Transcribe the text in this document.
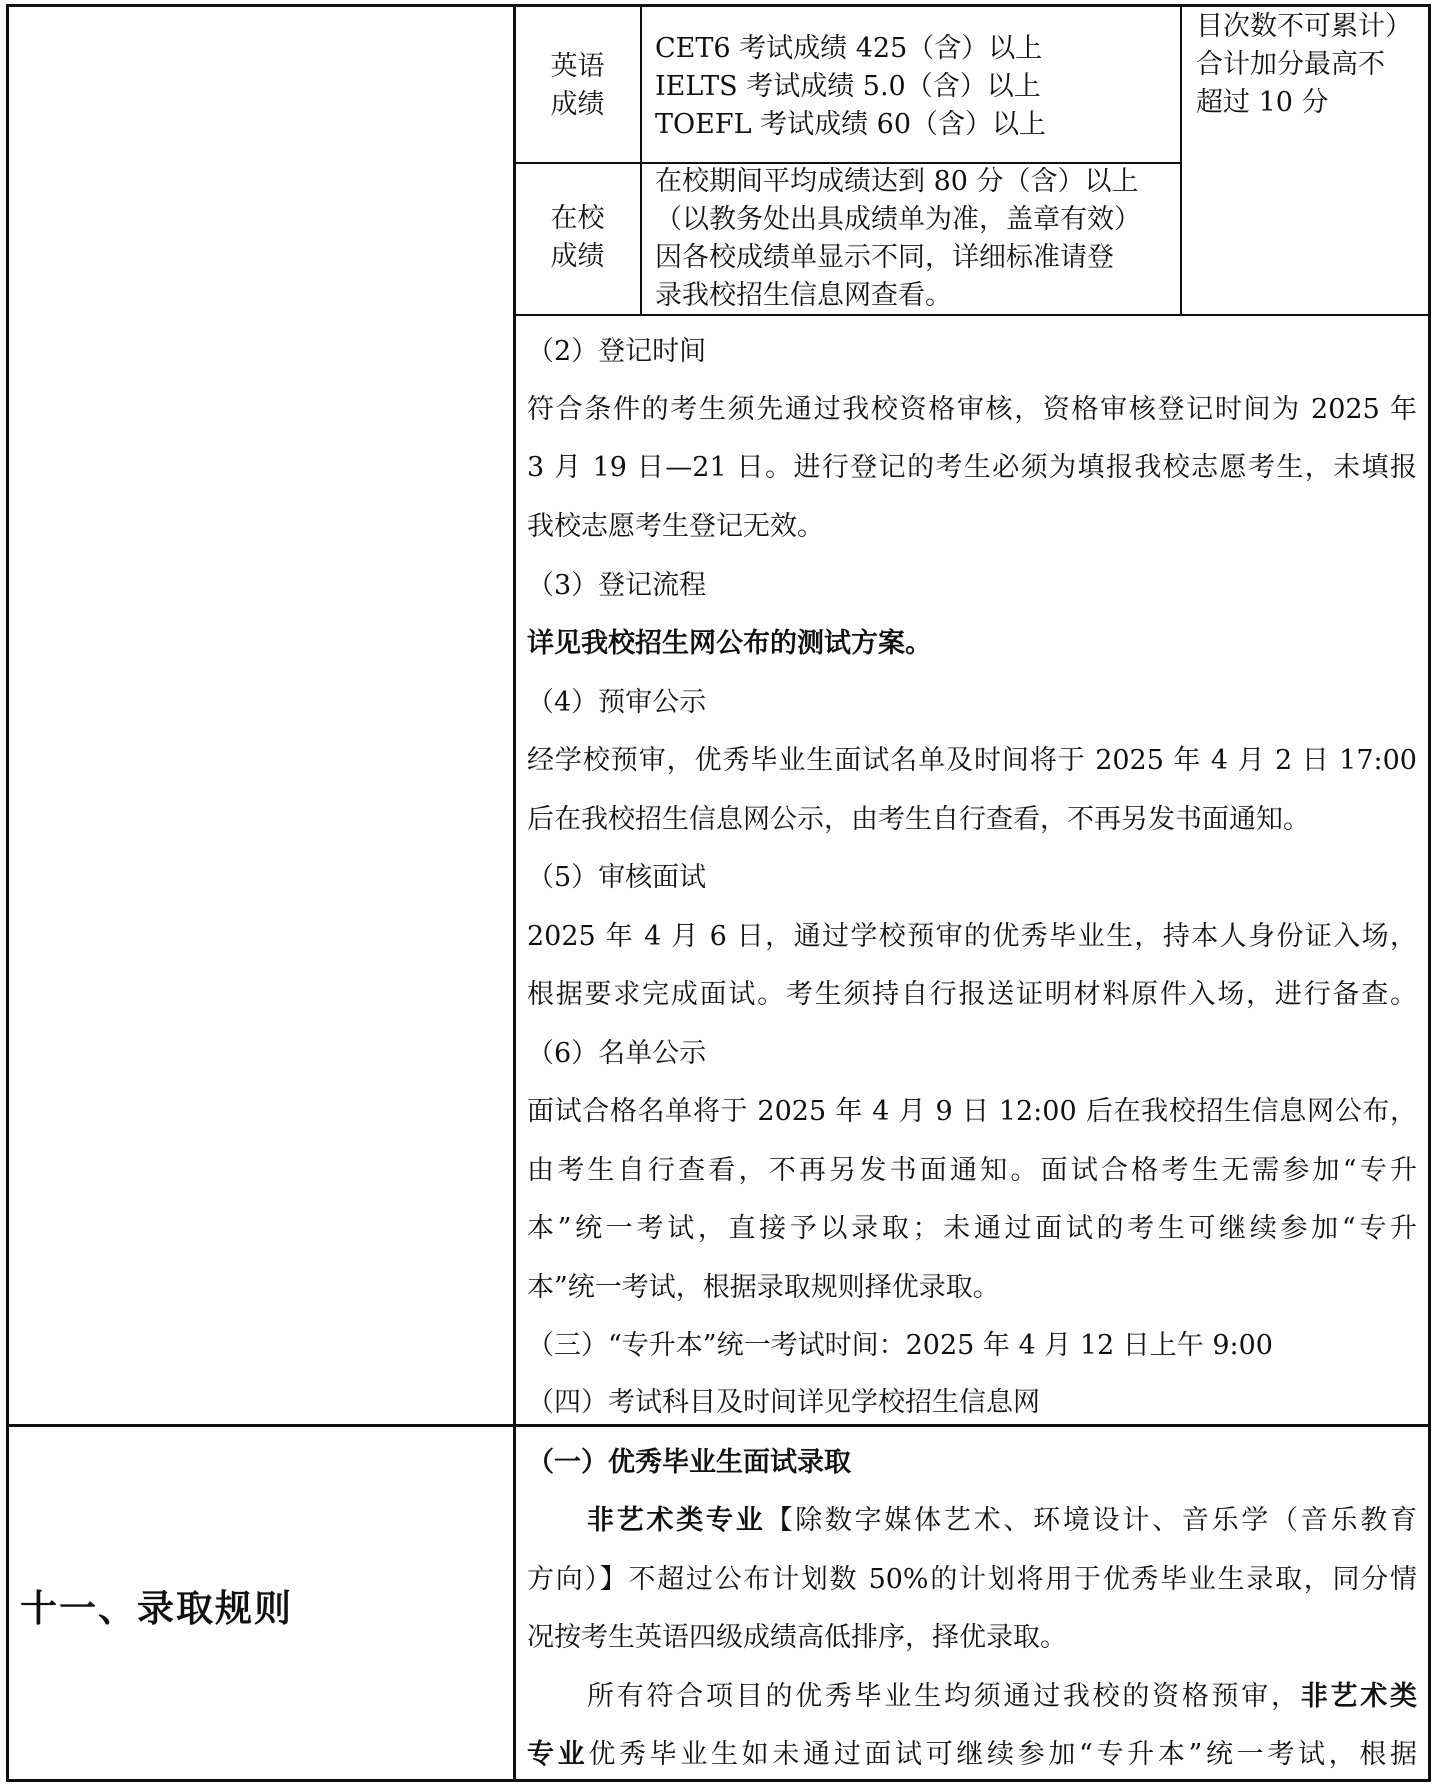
英语
成绩
CET6 考试成绩 425（含）以上
IELTS 考试成绩 5.0（含）以上
TOEFL 考试成绩 60（含）以上
在校
成绩
在校期间平均成绩达到 80 分（含）以上
（以教务处出具成绩单为准，盖章有效）
因各校成绩单显示不同，详细标准请登
录我校招生信息网查看。
目次数不可累计）
合计加分最高不
超过 10 分
（2）登记时间
符合条件的考生须先通过我校资格审核，资格审核登记时间为 2025 年
3 月 19 日—21 日。进行登记的考生必须为填报我校志愿考生，未填报
我校志愿考生登记无效。
（3）登记流程
详见我校招生网公布的测试方案。
（4）预审公示
经学校预审，优秀毕业生面试名单及时间将于 2025 年 4 月 2 日 17:00
后在我校招生信息网公示，由考生自行查看，不再另发书面通知。
（5）审核面试
2025 年 4 月 6 日，通过学校预审的优秀毕业生，持本人身份证入场，
根据要求完成面试。考生须持自行报送证明材料原件入场，进行备查。
（6）名单公示
面试合格名单将于 2025 年 4 月 9 日 12:00 后在我校招生信息网公布，
由考生自行查看，不再另发书面通知。面试合格考生无需参加“专升
本”统一考试，直接予以录取；未通过面试的考生可继续参加“专升
本”统一考试，根据录取规则择优录取。
（三）“专升本”统一考试时间：2025 年 4 月 12 日上午 9:00
（四）考试科目及时间详见学校招生信息网
十一、录取规则
（一）优秀毕业生面试录取
非艺术类专业【除数字媒体艺术、环境设计、音乐学（音乐教育
方向）】不超过公布计划数 50%的计划将用于优秀毕业生录取，同分情
况按考生英语四级成绩高低排序，择优录取。
所有符合项目的优秀毕业生均须通过我校的资格预审，非艺术类
专业优秀毕业生如未通过面试可继续参加“专升本”统一考试，根据
